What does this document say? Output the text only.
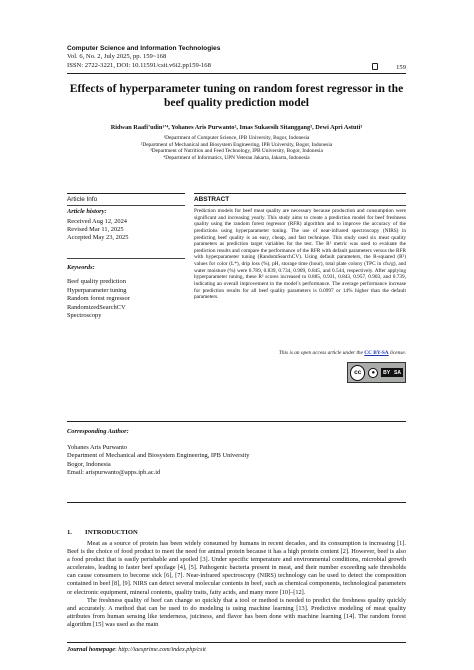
Computer Science and Information Technologies
Vol. 6, No. 2, July 2025, pp. 159~168
ISSN: 2722-3221, DOI: 10.11591/csit.v6i2.pp159-168	159
Effects of hyperparameter tuning on random forest regressor in the beef quality prediction model
Ridwan Raafi’udin¹ʼ⁴, Yohanes Aris Purwanto², Imas Sukaesih Sitanggang³, Dewi Apri Astuti³
¹Department of Computer Science, IPB University, Bogor, Indonesia
²Department of Mechanical and Biosystem Engineering, IPB University, Bogor, Indonesia
³Department of Nutrition and Feed Technology, IPB University, Bogor, Indonesia
⁴Department of Informatics, UPN Veteran Jakarta, Jakarta, Indonesia
Article Info
Article history:
Received Aug 12, 2024
Revised Mar 11, 2025
Accepted May 23, 2025
Keywords:
Beef quality prediction
Hyperparameter tuning
Random forest regressor
RandomizedSearchCV
Spectroscopy
ABSTRACT
Prediction models for beef meat quality are necessary because production and consumption were significant and increasing yearly. This study aims to create a prediction model for beef freshness quality using the random forest regressor (RFR) algorithm and to improve the accuracy of the predictions using hyperparameter tuning. The use of near-infrared spectroscopy (NIRS) in predicting beef quality is an easy, cheap, and fast technique. This study used six meat quality parameters as prediction target variables for the test. The R² metric was used to evaluate the prediction results and compare the performance of the RFR with default parameters versus the RFR with hyperparameter tuning (RandomSearchCV). Using default parameters, the R-squared (R²) values for color (L*), drip loss (%), pH, storage time (hour), total plate colony (TPC in cfu/g), and water moisture (%) were 0.789, 0.839, 0.734, 0.909, 0.845, and 0.544, respectively. After applying hyperparameter tuning, these R² scores increased to 0.885, 0.931, 0.843, 0.957, 0.903, and 0.739, indicating an overall improvement in the model’s performance. The average performance increase for prediction results for all beef quality parameters is 0.0997 or 14% higher than the default parameters.
This is an open access article under the CC BY-SA license.
cc	●	BY SA
Corresponding Author:
Yohanes Aris Purwanto
Department of Mechanical and Biosystem Engineering, IPB University
Bogor, Indonesia
Email: arispurwanto@apps.ipb.ac.id
1. INTRODUCTION

Meat as a source of protein has been widely consumed by humans in recent decades, and its consumption is increasing [1]. Beef is the choice of food product to meet the need for animal protein because it has a high protein content [2]. However, beef is also a food product that is easily perishable and spoiled [3]. Under specific temperature and environmental conditions, microbial growth accelerates, leading to faster beef spoilage [4], [5]. Pathogenic bacteria present in meat, and their number exceeding safe thresholds can cause consumers to become sick [6], [7]. Near-infrared spectroscopy (NIRS) technology can be used to detect the composition contained in beef [8], [9]. NIRS can detect several molecular contents in beef, such as chemical components, technological parameters or electronic equipment, mineral contents, quality traits, fatty acids, and many more [10]–[12].

The freshness quality of beef can change so quickly that a tool or method is needed to predict the freshness quality quickly and accurately. A method that can be used to do modeling is using machine learning [13]. Predictive modeling of meat quality attributes from human sensing like tenderness, juiciness, and flavor has been done with machine learning [14]. The random forest algorithm [15] was used as the main

Journal homepage: http://iaesprime.com/index.php/csit
